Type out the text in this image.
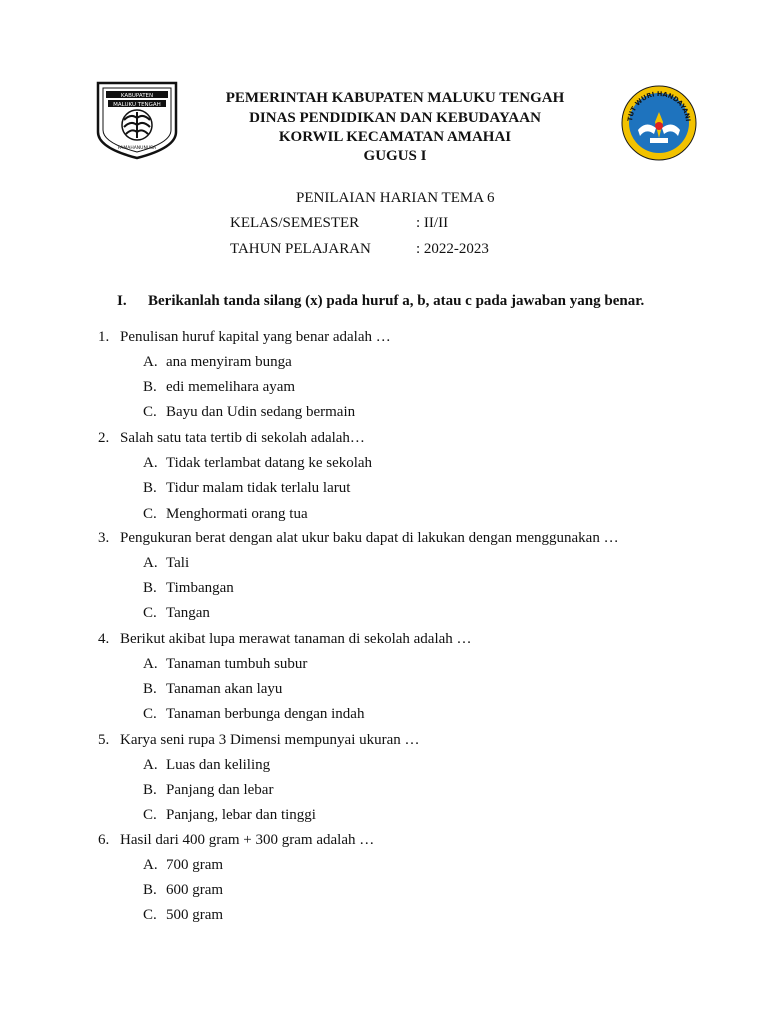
KABUPATEN
MALUKU TENGAH
PAMAHANUNUSA
TUT WURI HANDAYANI
PEMERINTAH KABUPATEN MALUKU TENGAH
DINAS PENDIDIKAN DAN KEBUDAYAAN
KORWIL KECAMATAN AMAHAI
GUGUS I
PENILAIAN HARIAN TEMA 6
KELAS/SEMESTER	: II/II
TAHUN PELAJARAN	: 2022-2023
I. Berikanlah tanda silang (x) pada huruf a, b, atau c pada jawaban yang benar.
1. Penulisan huruf kapital yang benar adalah …
A. ana menyiram bunga
B. edi memelihara ayam
C. Bayu dan Udin sedang bermain
2. Salah satu tata tertib di sekolah adalah…
A. Tidak terlambat datang ke sekolah
B. Tidur malam tidak terlalu larut
C. Menghormati orang tua
3. Pengukuran berat dengan alat ukur baku dapat di lakukan dengan menggunakan …
A. Tali
B. Timbangan
C. Tangan
4. Berikut akibat lupa merawat tanaman di sekolah adalah …
A. Tanaman tumbuh subur
B. Tanaman akan layu
C. Tanaman berbunga dengan indah
5. Karya seni rupa 3 Dimensi mempunyai ukuran …
A. Luas dan keliling
B. Panjang dan lebar
C. Panjang, lebar dan tinggi
6. Hasil dari 400 gram + 300 gram adalah …
A. 700 gram
B. 600 gram
C. 500 gram
